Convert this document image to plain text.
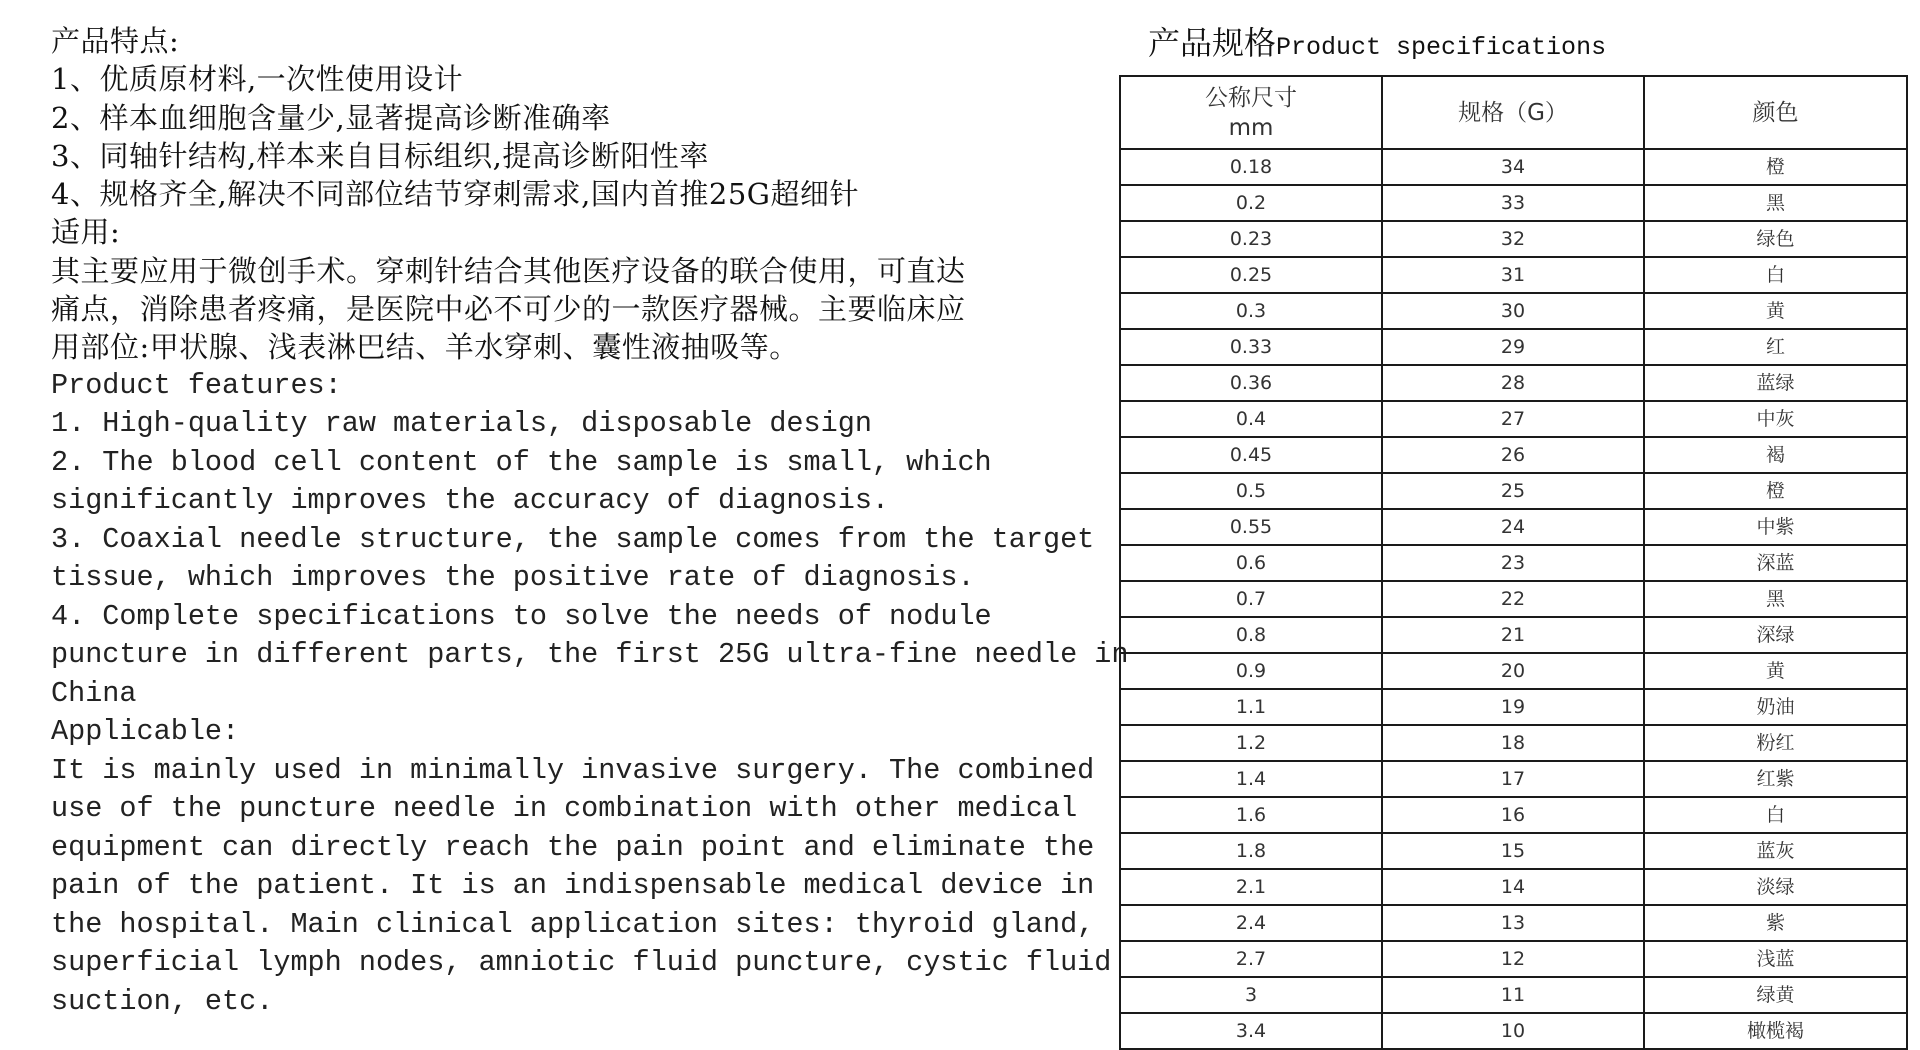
产品特点:
1、优质原材料,一次性使用设计
2、样本血细胞含量少,显著提高诊断准确率
3、同轴针结构,样本来自目标组织,提高诊断阳性率
4、规格齐全,解决不同部位结节穿刺需求,国内首推25G超细针
适用:
其主要应用于微创手术。穿刺针结合其他医疗设备的联合使用，可直达
痛点，消除患者疼痛，是医院中必不可少的一款医疗器械。主要临床应
用部位:甲状腺、浅表淋巴结、羊水穿刺、囊性液抽吸等。
Product features:
1. High-quality raw materials, disposable design
2. The blood cell content of the sample is small, which
significantly improves the accuracy of diagnosis.
3. Coaxial needle structure, the sample comes from the target
tissue, which improves the positive rate of diagnosis.
4. Complete specifications to solve the needs of nodule
puncture in different parts, the first 25G ultra-fine needle in
China
Applicable:
It is mainly used in minimally invasive surgery. The combined
use of the puncture needle in combination with other medical
equipment can directly reach the pain point and eliminate the
pain of the patient. It is an indispensable medical device in
the hospital. Main clinical application sites: thyroid gland,
superficial lymph nodes, amniotic fluid puncture, cystic fluid
suction, etc.
产品规格Product specifications
公称尺寸
mm	规格（G）	颜色
0.18	34	橙
0.2	33	黑
0.23	32	绿色
0.25	31	白
0.3	30	黄
0.33	29	红
0.36	28	蓝绿
0.4	27	中灰
0.45	26	褐
0.5	25	橙
0.55	24	中紫
0.6	23	深蓝
0.7	22	黑
0.8	21	深绿
0.9	20	黄
1.1	19	奶油
1.2	18	粉红
1.4	17	红紫
1.6	16	白
1.8	15	蓝灰
2.1	14	淡绿
2.4	13	紫
2.7	12	浅蓝
3	11	绿黄
3.4	10	橄榄褐
